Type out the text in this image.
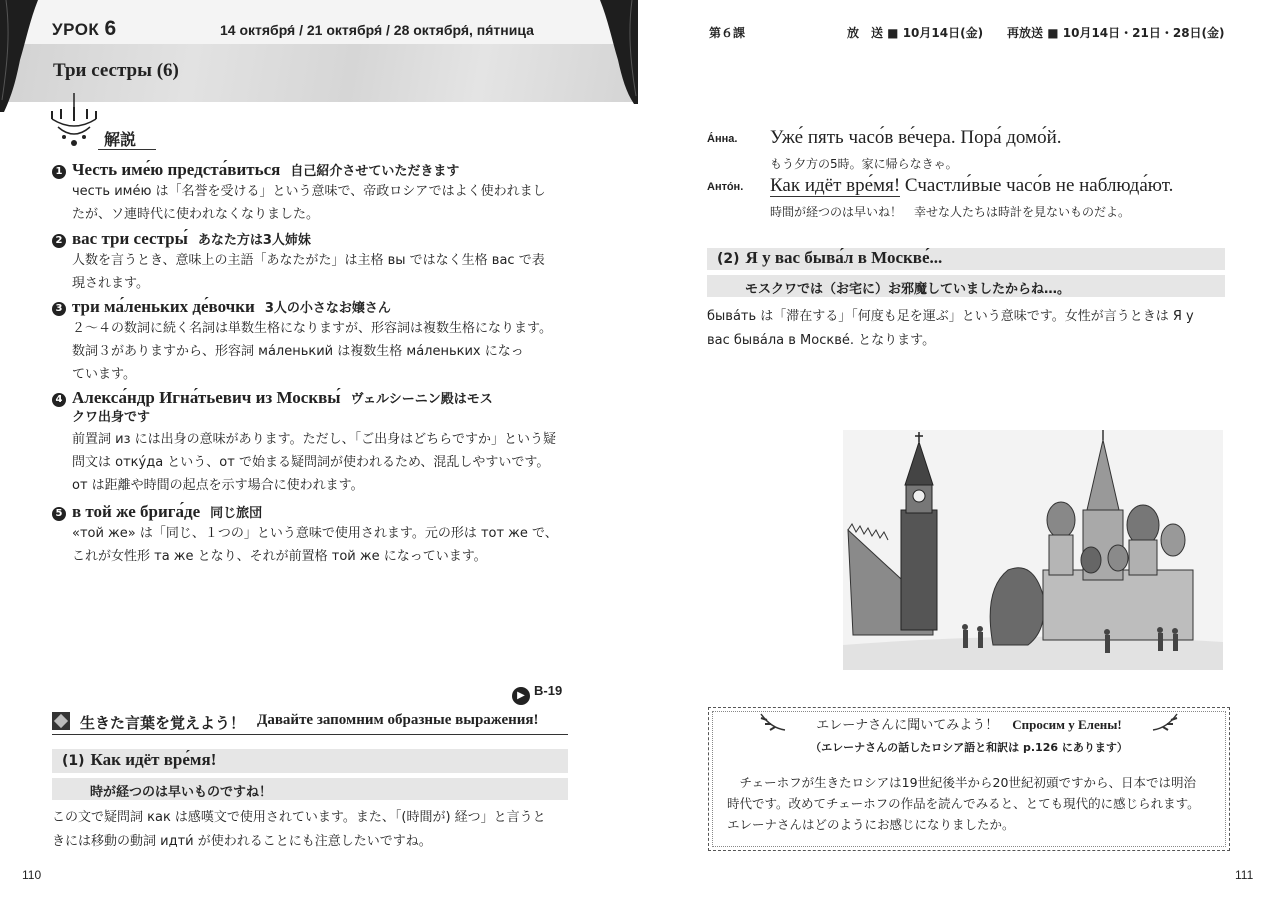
УРОК 6	14 октября́ / 21 октября́ / 28 октября́, пя́тница
Три сестры (6)
解説
1 Честь име́ю предста́виться 自己紹介させていただきます
честь име́ю は「名誉を受ける」という意味で、帝政ロシアではよく使われまし
たが、ソ連時代に使われなくなりました。
2 вас три сестры́ あなた方は3人姉妹
人数を言うとき、意味上の主語「あなたがた」は主格 вы ではなく生格 вас で表
現されます。
3 три ма́леньких де́вочки 3人の小さなお嬢さん
２～４の数詞に続く名詞は単数生格になりますが、形容詞は複数生格になります。
数詞３がありますから、形容詞 ма́ленький は複数生格 ма́леньких になっ
ています。
4 Алекса́ндр Игна́тьевич из Москвы́ ヴェルシーニン殿はモス
クワ出身です
前置詞 из には出身の意味があります。ただし、「ご出身はどちらですか」という疑
問文は отку́да という、от で始まる疑問詞が使われるため、混乱しやすいです。
от は距離や時間の起点を示す場合に使われます。
5 в той же брига́де 同じ旅団
«той же» は「同じ、１つの」という意味で使用されます。元の形は тот же で、
これが女性形 та же となり、それが前置格 той же になっています。
▶ B-19
生きた言葉を覚えよう！ Давайте запомним образные выражения!
(1) Как идёт вре́мя!
時が経つのは早いものですね！
この文で疑問詞 как は感嘆文で使用されています。また、「(時間が) 経つ」と言うと
きには移動の動詞 идти́ が使われることにも注意したいですね。
110
第６課	放　送 ■ 10月14日(金)　　再放送 ■ 10月14日・21日・28日(金)
А́нна. Уже́ пять часо́в ве́чера. Пора́ домо́й.
もう夕方の5時。家に帰らなきゃ。
Анто́н. Как идёт вре́мя! Счастли́вые часо́в не наблюда́ют.
時間が経つのは早いね！　幸せな人たちは時計を見ないものだよ。
(2) Я у вас быва́л в Москве́...
モスクワでは（お宅に）お邪魔していましたからね…。
быва́ть は「滞在する」「何度も足を運ぶ」という意味です。女性が言うときは Я у
вас быва́ла в Москве́. となります。
エレーナさんに聞いてみよう！ Спросим у Елены!
（エレーナさんの話したロシア語と和訳は p.126 にあります）
　チェーホフが生きたロシアは19世紀後半から20世紀初頭ですから、日本では明治
時代です。改めてチェーホフの作品を読んでみると、とても現代的に感じられます。
エレーナさんはどのようにお感じになりましたか。
111
